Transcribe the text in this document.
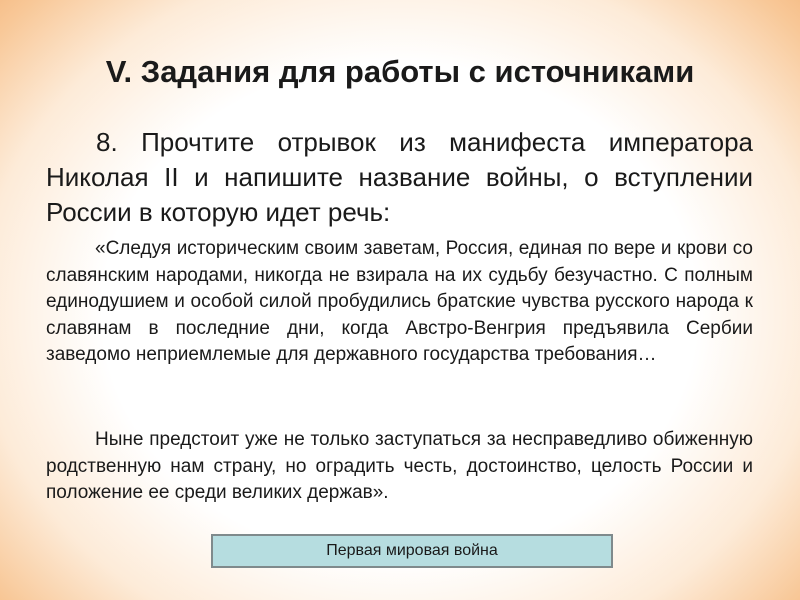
V. Задания для работы с источниками

8. Прочтите отрывок из манифеста императора Николая II и напишите название войны, о вступлении России в которую идет речь:

«Следуя историческим своим заветам, Россия, единая по вере и крови со славянским народами, никогда не взирала на их судьбу безучастно. С полным единодушием и особой силой пробудились братские чувства русского народа к славянам в последние дни, когда Австро-Венгрия предъявила Сербии заведомо неприемлемые для державного государства требования…

Ныне предстоит уже не только заступаться за несправедливо обиженную родственную нам страну, но оградить честь, достоинство, целость России и положение ее среди великих держав».

Первая мировая война
